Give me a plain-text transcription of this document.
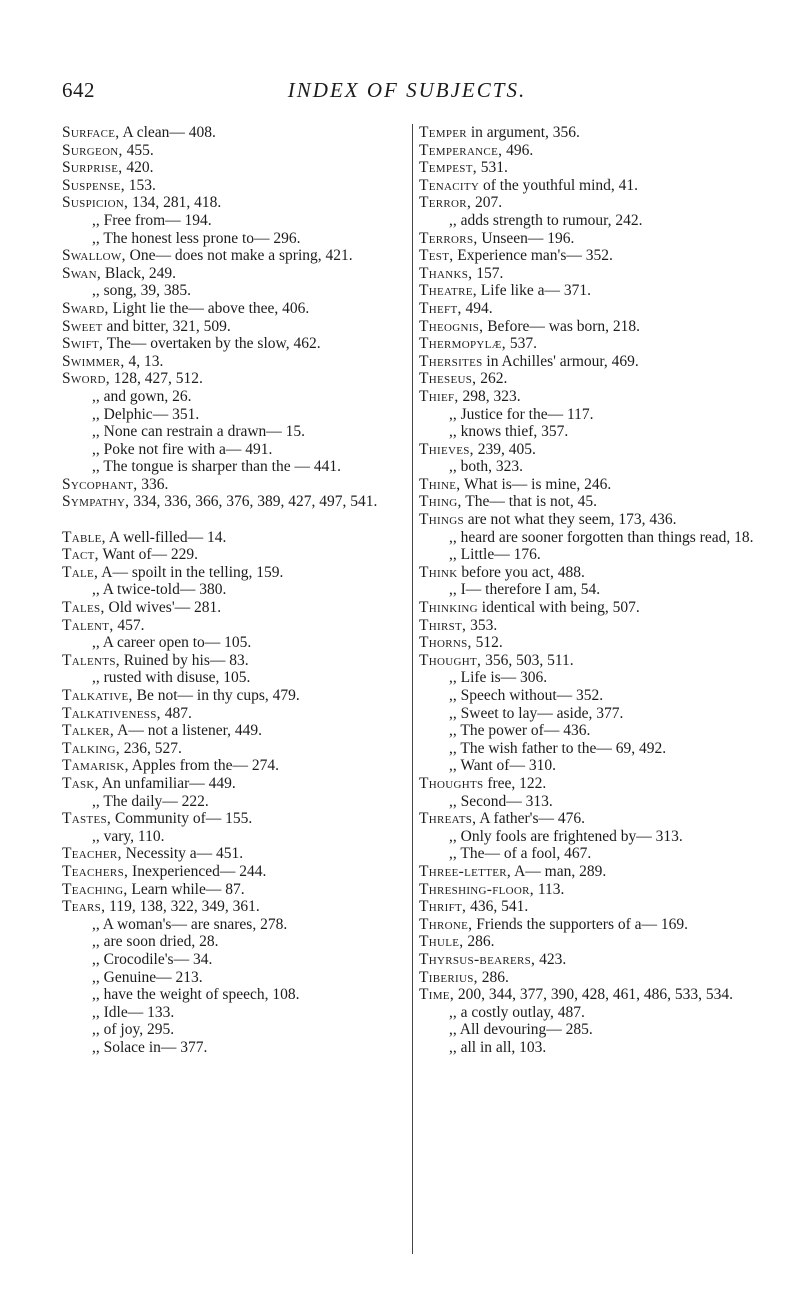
642	INDEX OF SUBJECTS.

Surface, A clean— 408.

Surgeon, 455.

Surprise, 420.

Suspense, 153.

Suspicion, 134, 281, 418.

,, Free from— 194.

,, The honest less prone to— 296.

Swallow, One— does not make a spring, 421.

Swan, Black, 249.

,, song, 39, 385.

Sward, Light lie the— above thee, 406.

Sweet and bitter, 321, 509.

Swift, The— overtaken by the slow, 462.

Swimmer, 4, 13.

Sword, 128, 427, 512.

,, and gown, 26.

,, Delphic— 351.

,, None can restrain a drawn— 15.

,, Poke not fire with a— 491.

,, The tongue is sharper than the — 441.

Sycophant, 336.

Sympathy, 334, 336, 366, 376, 389, 427, 497, 541.

Table, A well-filled— 14.

Tact, Want of— 229.

Tale, A— spoilt in the telling, 159.

,, A twice-told— 380.

Tales, Old wives'— 281.

Talent, 457.

,, A career open to— 105.

Talents, Ruined by his— 83.

,, rusted with disuse, 105.

Talkative, Be not— in thy cups, 479.

Talkativeness, 487.

Talker, A— not a listener, 449.

Talking, 236, 527.

Tamarisk, Apples from the— 274.

Task, An unfamiliar— 449.

,, The daily— 222.

Tastes, Community of— 155.

,, vary, 110.

Teacher, Necessity a— 451.

Teachers, Inexperienced— 244.

Teaching, Learn while— 87.

Tears, 119, 138, 322, 349, 361.

,, A woman's— are snares, 278.

,, are soon dried, 28.

,, Crocodile's— 34.

,, Genuine— 213.

,, have the weight of speech, 108.

,, Idle— 133.

,, of joy, 295.

,, Solace in— 377.

Temper in argument, 356.

Temperance, 496.

Tempest, 531.

Tenacity of the youthful mind, 41.

Terror, 207.

,, adds strength to rumour, 242.

Terrors, Unseen— 196.

Test, Experience man's— 352.

Thanks, 157.

Theatre, Life like a— 371.

Theft, 494.

Theognis, Before— was born, 218.

Thermopylæ, 537.

Thersites in Achilles' armour, 469.

Theseus, 262.

Thief, 298, 323.

,, Justice for the— 117.

,, knows thief, 357.

Thieves, 239, 405.

,, both, 323.

Thine, What is— is mine, 246.

Thing, The— that is not, 45.

Things are not what they seem, 173, 436.

,, heard are sooner forgotten than things read, 18.

,, Little— 176.

Think before you act, 488.

,, I— therefore I am, 54.

Thinking identical with being, 507.

Thirst, 353.

Thorns, 512.

Thought, 356, 503, 511.

,, Life is— 306.

,, Speech without— 352.

,, Sweet to lay— aside, 377.

,, The power of— 436.

,, The wish father to the— 69, 492.

,, Want of— 310.

Thoughts free, 122.

,, Second— 313.

Threats, A father's— 476.

,, Only fools are frightened by— 313.

,, The— of a fool, 467.

Three-letter, A— man, 289.

Threshing-floor, 113.

Thrift, 436, 541.

Throne, Friends the supporters of a— 169.

Thule, 286.

Thyrsus-bearers, 423.

Tiberius, 286.

Time, 200, 344, 377, 390, 428, 461, 486, 533, 534.

,, a costly outlay, 487.

,, All devouring— 285.

,, all in all, 103.
